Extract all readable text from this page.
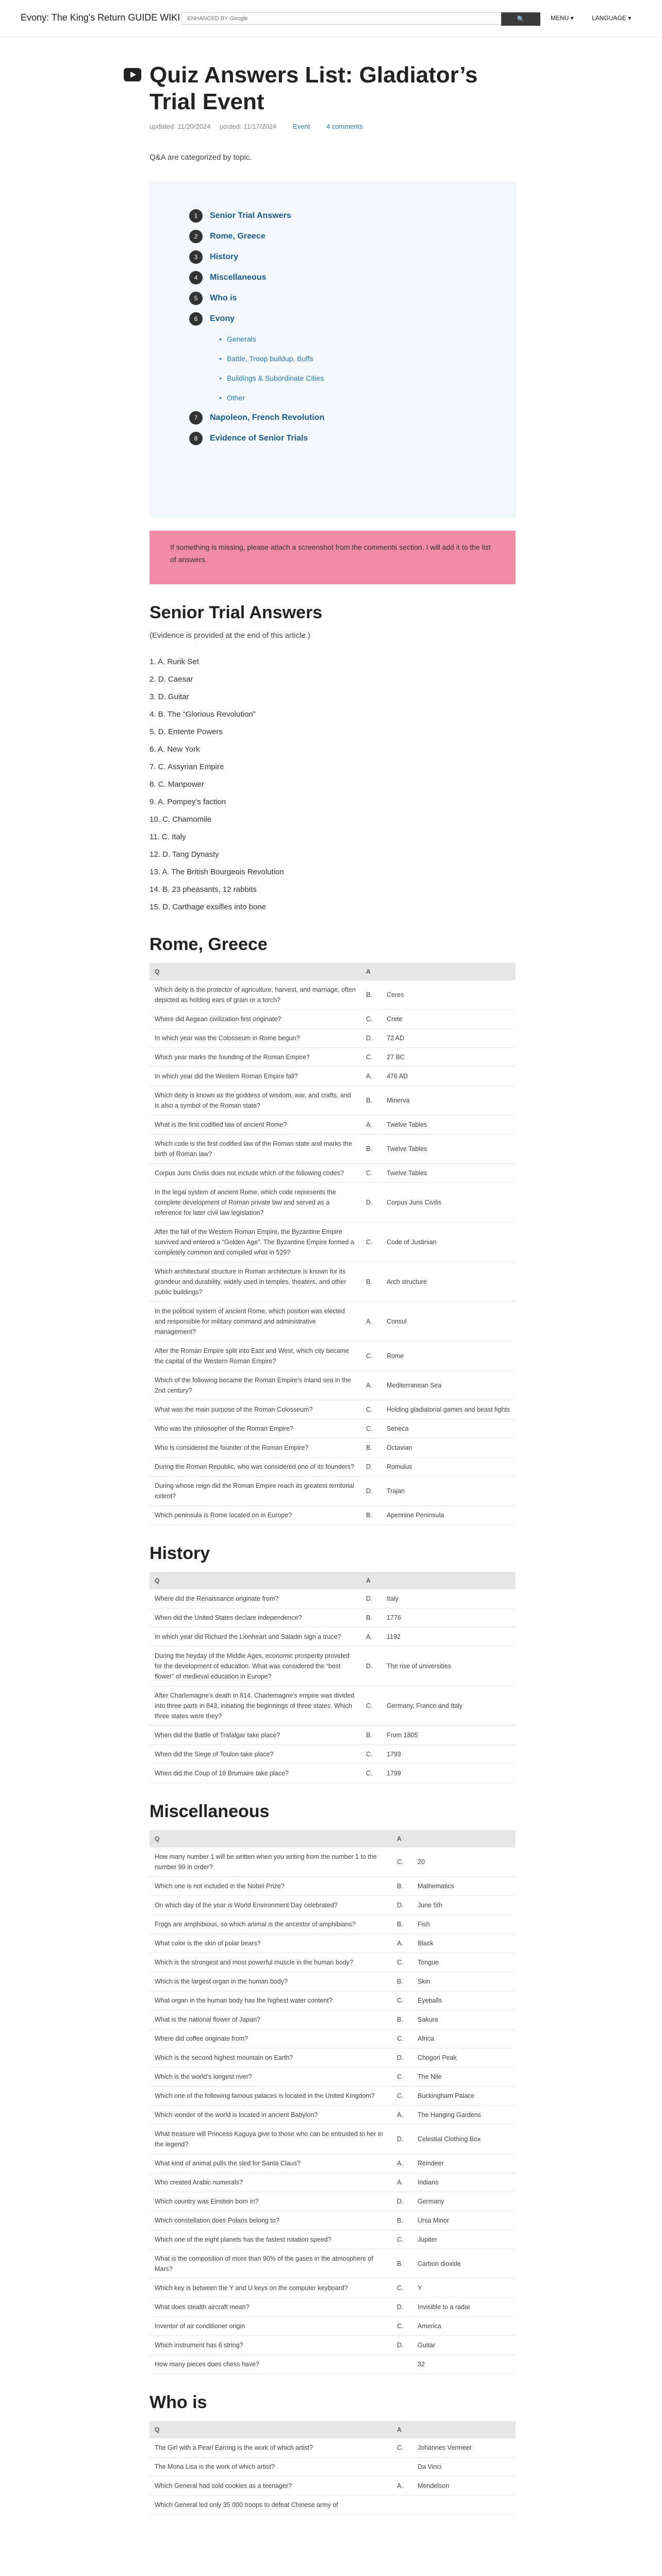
Evony: The King's Return GUIDE WIKI	ENHANCED BY Google	🔍	MENU ▾	LANGUAGE ▾
Quiz Answers List: Gladiator’s Trial Event
updated: 11/20/2024 posted: 11/17/2024 Event 4 comments

Q&A are categorized by topic.

1	Senior Trial Answers
2	Rome, Greece
3	History
4	Miscellaneous
5	Who is
6	Evony
• Generals
• Battle, Troop buildup, Buffs
• Buildings & Subordinate Cities
• Other
7	Napoleon, French Revolution
8	Evidence of Senior Trials
If something is missing, please attach a screenshot from the comments section, I will add it to the list of answers.
Senior Trial Answers

(Evidence is provided at the end of this article.)

1. A. Rurik Set
2. D. Caesar
3. D. Guitar
4. B. The “Glorious Revolution”
5. D. Entente Powers
6. A. New York
7. C. Assyrian Empire
8. C. Manpower
9. A. Pompey’s faction
10. C. Chamomile
11. C. Italy
12. D. Tang Dynasty
13. A. The British Bourgeois Revolution
14. B. 23 pheasants, 12 rabbits
15. D. Carthage exsifles into bone
Rome, Greece
Q	A	
Which deity is the protector of agriculture, harvest, and marriage, often depicted as holding ears of grain or a torch?	B.	Ceres
Where did Aegean civilization first originate?	C.	Crete
In which year was the Colosseum in Rome begun?	D.	72 AD
Which year marks the founding of the Roman Empire?	C.	27 BC
In which year did the Western Roman Empire fall?	A.	476 AD
Which deity is known as the goddess of wisdom, war, and crafts, and is also a symbol of the Roman state?	B.	Minerva
What is the first codified law of ancient Rome?	A.	Twelve Tables
Which code is the first codified law of the Roman state and marks the birth of Roman law?	B.	Twelve Tables
Corpus Juris Civilis does not include which of the following codes?	C.	Twelve Tables
In the legal system of ancient Rome, which code represents the complete development of Roman private law and served as a reference for later civil law legislation?	D.	Corpus Juris Civilis
After the fall of the Western Roman Empire, the Byzantine Empire survived and entered a “Golden Age”. The Byzantine Empire formed a completely common and compiled what in 529?	C.	Code of Justinian
Which architectural structure in Roman architecture is known for its grandeur and durability, widely used in temples, theaters, and other public buildings?	B.	Arch structure
In the political system of ancient Rome, which position was elected and responsible for military command and administrative management?	A.	Consul
After the Roman Empire split into East and West, which city became the capital of the Western Roman Empire?	C.	Rome
Which of the following became the Roman Empire’s inland sea in the 2nd century?	A.	Mediterranean Sea
What was the main purpose of the Roman Colosseum?	C.	Holding gladiatorial games and beast fights
Who was the philosopher of the Roman Empire?	C.	Seneca
Who is considered the founder of the Roman Empire?	B.	Octavian
During the Roman Republic, who was considered one of its founders?	D.	Romulus
During whose reign did the Roman Empire reach its greatest territorial extent?	D.	Trajan
Which peninsula is Rome located on in Europe?	B.	Apennine Peninsula
History
Q	A	
Where did the Renaissance originate from?	D.	Italy
When did the United States declare independence?	B.	1776
In which year did Richard the Lionheart and Saladin sign a truce?	A.	1192
During the heyday of the Middle Ages, economic prosperity provided for the development of education. What was considered the “best flower” of medieval education in Europe?	D.	The rise of universities
After Charlemagne’s death in 814, Charlemagne’s empire was divided into three parts in 843, initiating the beginnings of three states. Which three states were they?	C.	Germany, France and Italy
When did the Battle of Trafalgar take place?	B.	From 1805
When did the Siege of Toulon take place?	C.	1793
When did the Coup of 18 Brumaire take place?	C.	1799
Miscellaneous
Q	A	
How many number 1 will be written when you writing from the number 1 to the number 99 in order?	C.	20
Which one is not included in the Nobel Prize?	B.	Mathematics
On which day of the year is World Environment Day celebrated?	D.	June 5th
Frogs are amphibious, so which animal is the ancestor of amphibians?	B.	Fish
What color is the skin of polar bears?	A.	Black
Which is the strongest and most powerful muscle in the human body?	C.	Tongue
Which is the largest organ in the human body?	B.	Skin
What organ in the human body has the highest water content?	C.	Eyeballs
What is the national flower of Japan?	B.	Sakura
Where did coffee originate from?	C.	Africa
Which is the second highest mountain on Earth?	D.	Chogori Peak
Which is the world’s longest river?	C.	The Nile
Which one of the following famous palaces is located in the United Kingdom?	C.	Buckingham Palace
Which wonder of the world is located in ancient Babylon?	A.	The Hanging Gardens
What treasure will Princess Kaguya give to those who can be entrusted to her in the legend?	D.	Celestial Clothing Box
What kind of animal pulls the sled for Santa Claus?	A.	Reindeer
Who created Arabic numerals?	A.	Indians
Which country was Einstein born in?	D.	Germany
Which constellation does Polaris belong to?	B.	Ursa Minor
Which one of the eight planets has the fastest rotation speed?	C.	Jupiter
What is the composition of more than 90% of the gases in the atmosphere of Mars?	B.	Carbon dioxide
Which key is between the Y and U keys on the computer keyboard?	C.	Y
What does stealth aircraft mean?	D.	Invisible to a radar
Inventor of air conditioner origin	C.	America
Which instrument has 6 string?	D.	Guitar
How many pieces does chess have?		32
Who is
Q	A	
The Girl with a Pearl Earring is the work of which artist?	C.	Johannes Vermeer
The Mona Lisa is the work of which artist?		Da Vinci
Which General had sold cookies as a teenager?	A.	Mendelson
Which General led only 35 000 troops to defeat Chinese army of		
